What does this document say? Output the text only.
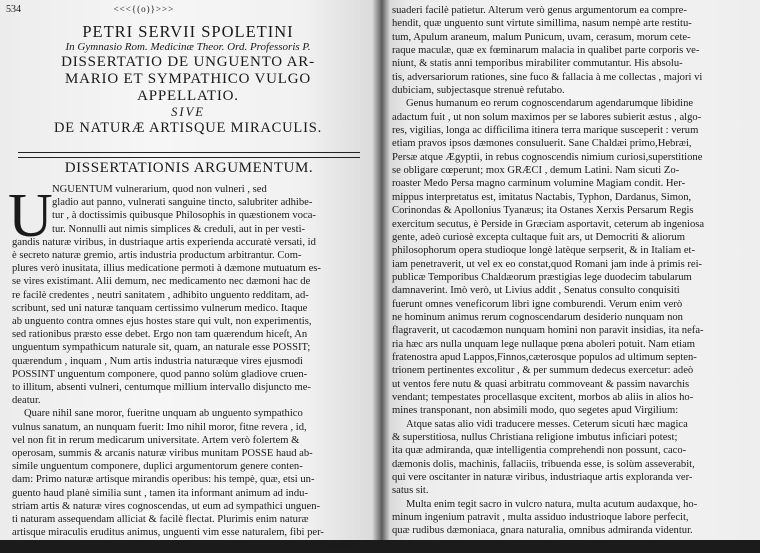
534	<<<{(o)}>>>
PETRI SERVII SPOLETINI
In Gymnasio Rom. Medicinæ Theor. Ord. Professoris P.
DISSERTATIO DE UNGUENTO AR-
MARIO ET SYMPATHICO VULGO
APPELLATIO.
SIVE
DE NATURÆ ARTISQUE MIRACULIS.
DISSERTATIONIS ARGUMENTUM.
U NGUENTUM vulnerarium, quod non vulneri , sed
gladio aut panno, vulnerati sanguine tincto, salubriter adhibe-
tur , à doctissimis quibusque Philosophis in quæstionem voca-
tur. Nonnulli aut nimis simplices & creduli, aut in per vesti-
gandis naturæ viribus, in dustriaque artis experienda accuratè versati, id
è secreto naturæ gremio, artis industria productum arbitrantur. Com-
plures verò inusitata, illius medicatione permoti à dæmone mutuatum es-
se vires existimant. Alii demum, nec medicamento nec dæmoni hac de
re facilè credentes , neutri sanitatem , adhibito unguento redditam, ad-
scribunt, sed uni naturæ tanquam certissimo vulnerum medico. Itaque
ab unguento contra omnes ejus hostes stare qui vult, non experimentis,
sed rationibus præsto esse debet. Ergo non tam quærendum hiceſt, An
unguentum sympathicum naturale sit, quam, an naturale esse POSSIT;
quærendum , inquam , Num artis industria naturæque vires ejusmodi
POSSINT unguentum componere, quod panno solùm gladiove cruen-
to illitum, absenti vulneri, centumque millium intervallo disjuncto me-
deatur.
Quare nihil sane moror, fueritne unquam ab unguento sympathico
vulnus sanatum, an nunquam fuerit: Imo nihil moror, fitne revera , id,
vel non fit in rerum medicarum universitate. Artem verò folertem &
operosam, summis & arcanis naturæ viribus munitam POSSE haud ab-
simile unguentum componere, duplici argumentorum genere conten-
dam: Primo naturæ artisque mirandis operibus: his tempè, quæ, etsi un-
guento haud planè similia sunt , tamen ita informant animum ad indu-
striam artis & naturæ vires cognoscendas, ut eum ad sympathici unguen-
ti naturam assequendam alliciat & facilè flectat. Plurimis enim naturæ
artisque miraculis eruditus animus, unguenti vim esse naturalem, fibi per-
suaderi
suaderi facilè patietur. Alterum verò genus argumentorum ea compre-
hendit, quæ unguento sunt virtute simillima, nasum nempè arte restitu-
tum, Apulum araneum, malum Punicum, uvam, cerasum, morum cete-
raque maculæ, quæ ex fœminarum malacia in qualibet parte corporis ve-
niunt, & statis anni temporibus mirabiliter commutantur. His absolu-
tis, adversariorum rationes, sine fuco & fallacia à me collectas , majori vi
dubiciam, subjectasque strenuè refutabo.
Genus humanum eo rerum cognoscendarum agendarumque libidine
adactum fuit , ut non solum maximos per se labores subierit æstus , algo-
res, vigilias, longa ac difficilima itinera terra marique susceperit : verum
etiam pravos ipsos dæmones consuluerit. Sane Chaldæi primo,Hebræi,
Persæ atque Ægyptii, in rebus cognoscendis nimium curiosi,superstitione
se obligare cœperunt; mox GRÆCI , demum Latini. Nam sicuti Zo-
roaster Medo Persa magno carminum volumine Magiam condit. Her-
mippus interpretatus est, imitatus Nactabis, Typhon, Dardanus, Simon,
Corinondas & Apollonius Tyanæus; ita Ostanes Xerxis Persarum Regis
exercitum secutus, è Perside in Græciam asportavit, ceterum ab ingeniosa
gente, adeò curiosè excepta cultaque fuit ars, ut Democriti & aliorum
philosophorum opera studioque longè latèque serpserit, & in Italiam et-
iam penetraverit, ut vel ex eo constat,quod Romani jam inde à primis rei-
publicæ Temporibus Chaldæorum præstigias lege duodecim tabularum
damnaverint. Imò verò, ut Livius addit , Senatus consulto conquisiti
fuerunt omnes veneficorum libri igne comburendi. Verum enim verò
ne hominum animus rerum cognoscendarum desiderio nunquam non
flagraverit, ut cacodæmon nunquam homini non paravit insidias, ita nefa-
ria hæc ars nulla unquam lege nullaque pœna aboleri potuit. Nam etiam
fratenostra apud Lappos,Finnos,cæterosque populos ad ultimum septen-
trionem pertinentes excolitur , & per summum dedecus exercetur: adeò
ut ventos fere nutu & quasi arbitratu commoveant & passim navarchis
vendant; tempestates procellasque excitent, morbos ab aliis in alios ho-
mines transponant, non absimili modo, quo segetes apud Virgilium:
Atque satas alio vidi traducere messes. Ceterum sicuti hæc magica
& superstitiosa, nullus Christiana religione imbutus inficiari potest;
ita quæ admiranda, quæ intelligentia comprehendi non possunt, caco-
dæmonis dolis, machinis, fallaciis, tribuenda esse, is solùm asseverabit,
qui vere oscitanter in naturæ viribus, industriaque artis exploranda ver-
satus sit.
Multa enim tegit sacro in vulcro natura, multa acutum audaxque, ho-
minum ingenium patravit , multa assiduo industrioque labore perfecit,
quæ rudibus dæmoniaca, gnara naturalia, omnibus admiranda videntur.
